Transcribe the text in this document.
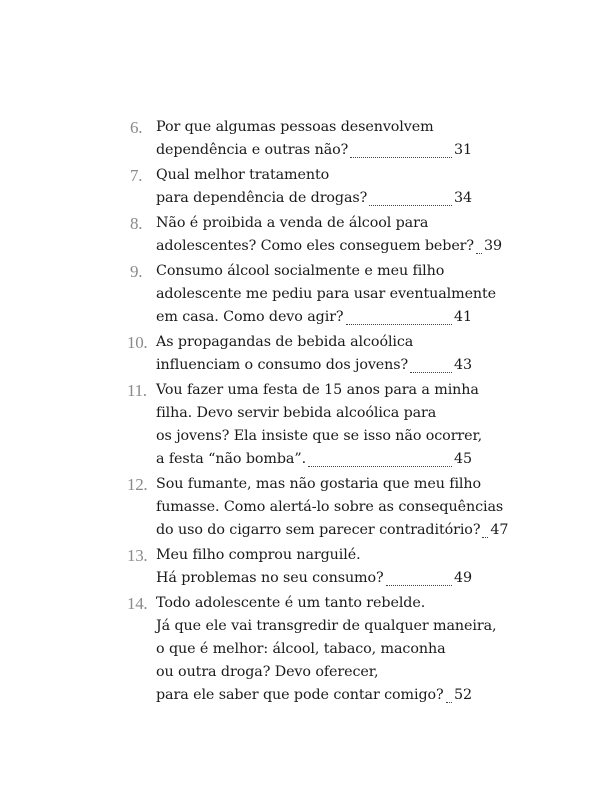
6. Por que algumas pessoas desenvolvem
dependência e outras não?	31
7. Qual melhor tratamento
para dependência de drogas?	34
8. Não é proibida a venda de álcool para
adolescentes? Como eles conseguem beber? 39
9. Consumo álcool socialmente e meu filho
adolescente me pediu para usar eventualmente
em casa. Como devo agir?	41
10. As propagandas de bebida alcoólica
influenciam o consumo dos jovens?	43
11. Vou fazer uma festa de 15 anos para a minha
filha. Devo servir bebida alcoólica para
os jovens? Ela insiste que se isso não ocorrer,
a festa “não bomba”.	45
12. Sou fumante, mas não gostaria que meu filho
fumasse. Como alertá-lo sobre as consequências
do uso do cigarro sem parecer contraditório? 47
13. Meu filho comprou narguilé.
Há problemas no seu consumo?	49
14. Todo adolescente é um tanto rebelde.
Já que ele vai transgredir de qualquer maneira,
o que é melhor: álcool, tabaco, maconha
ou outra droga? Devo oferecer,
para ele saber que pode contar comigo? 52
